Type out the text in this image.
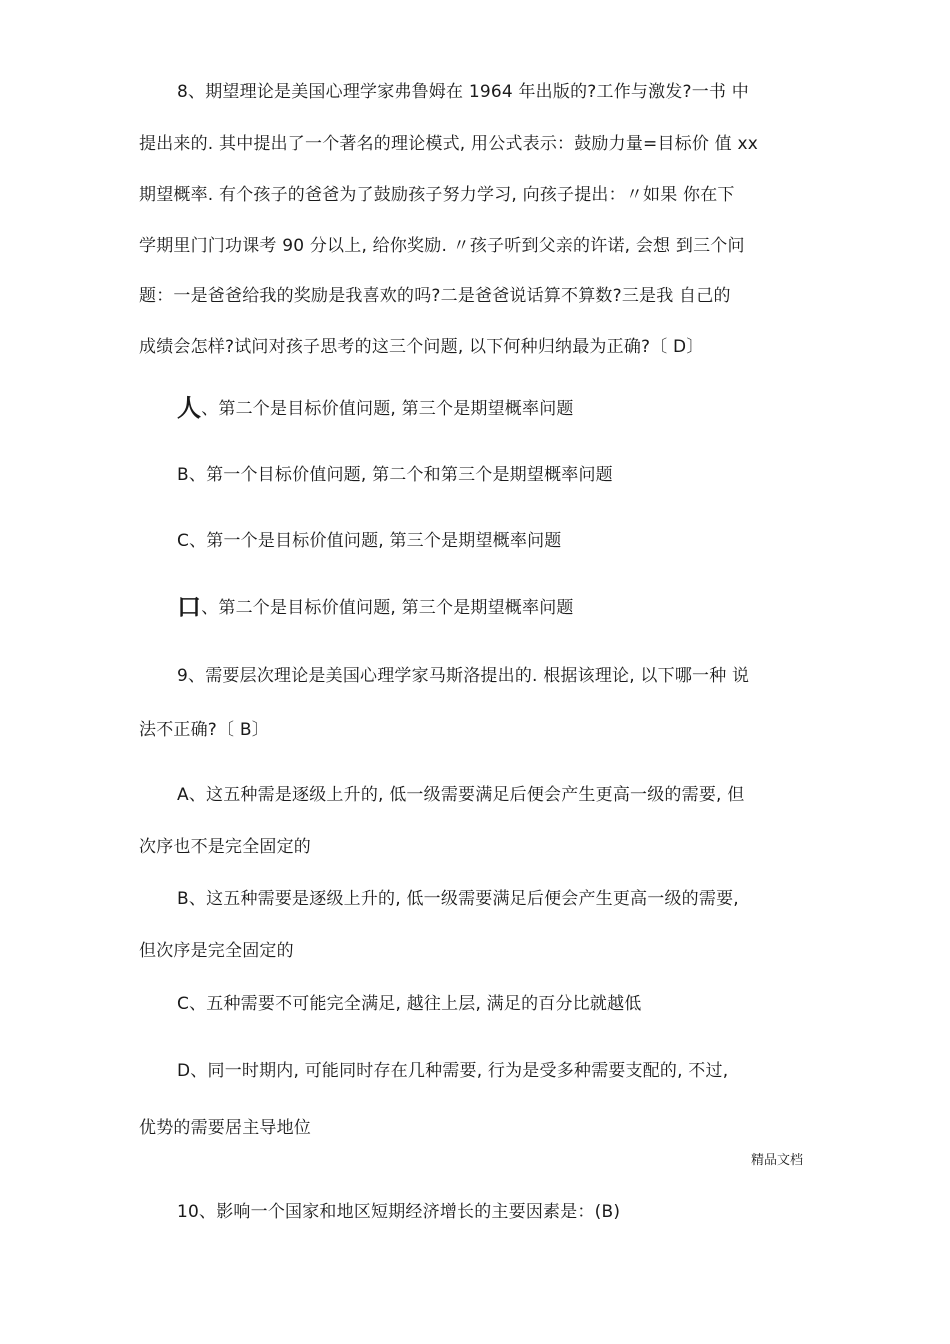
8、期望理论是美国心理学家弗鲁姆在 1964 年出版的?工作与激发?一书 中
提出来的. 其中提出了一个著名的理论模式, 用公式表示：鼓励力量=目标价 值 xx
期望概率. 有个孩子的爸爸为了鼓励孩子努力学习, 向孩子提出：〃如果 你在下
学期里门门功课考 90 分以上, 给你奖励. 〃孩子听到父亲的许诺, 会想 到三个问
题：一是爸爸给我的奖励是我喜欢的吗?二是爸爸说话算不算数?三是我 自己的
成绩会怎样?试问对孩子思考的这三个问题, 以下何种归纳最为正确?〔 D〕
人、第二个是目标价值问题, 第三个是期望概率问题
B、第一个目标价值问题, 第二个和第三个是期望概率问题
C、第一个是目标价值问题, 第三个是期望概率问题
口、第二个是目标价值问题, 第三个是期望概率问题
9、需要层次理论是美国心理学家马斯洛提出的. 根据该理论, 以下哪一种 说
法不正确?〔 B〕
A、这五种需是逐级上升的, 低一级需要满足后便会产生更高一级的需要, 但
次序也不是完全固定的
B、这五种需要是逐级上升的, 低一级需要满足后便会产生更高一级的需要,
但次序是完全固定的
C、五种需要不可能完全满足, 越往上层, 满足的百分比就越低
D、同一时期内, 可能同时存在几种需要, 行为是受多种需要支配的, 不过,
优势的需要居主导地位
精品文档
10、影响一个国家和地区短期经济增长的主要因素是：(B)
